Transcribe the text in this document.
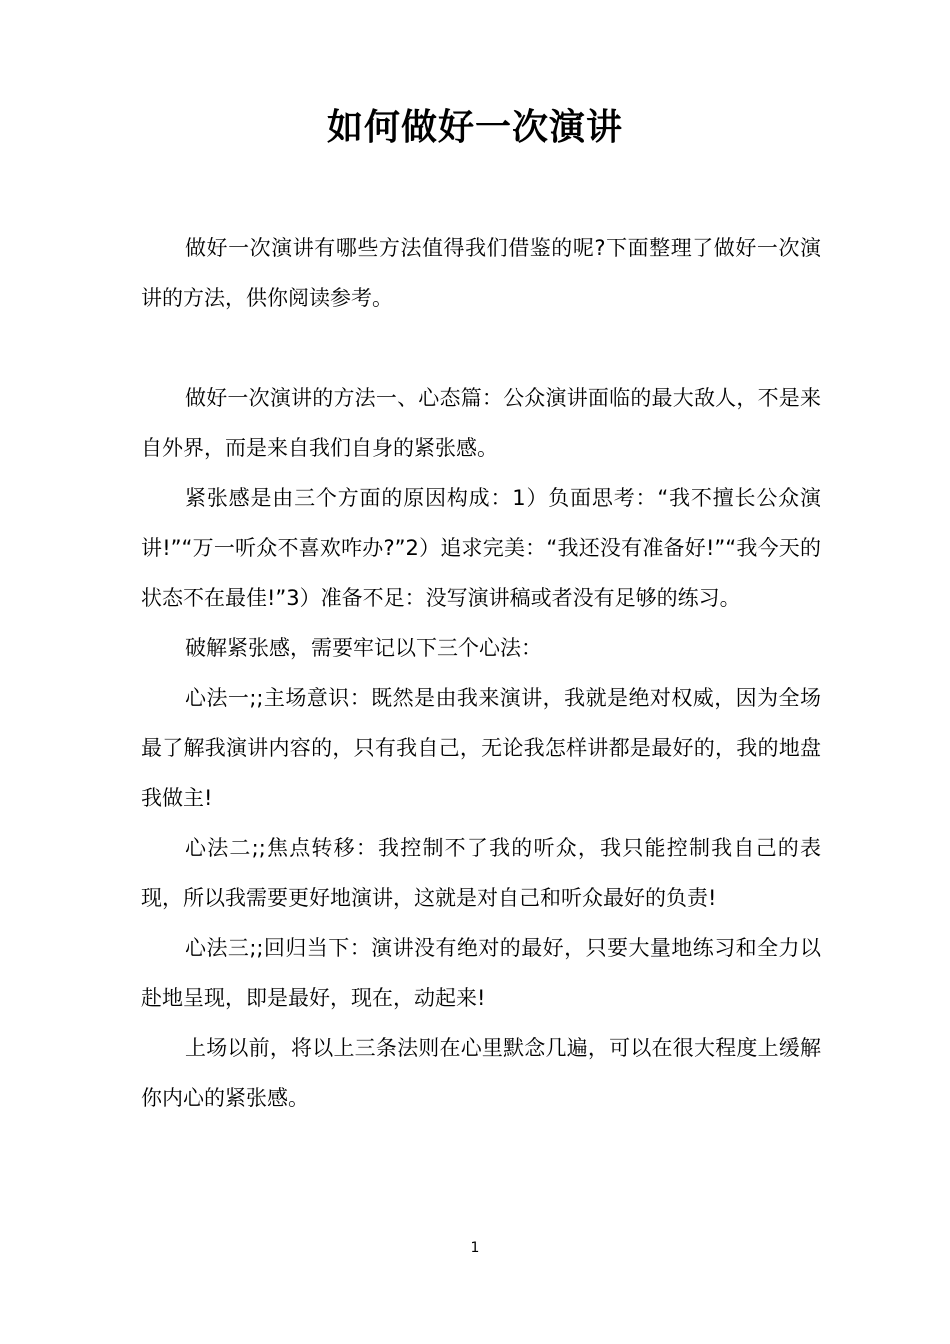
如何做好一次演讲

做好一次演讲有哪些方法值得我们借鉴的呢?下面整理了做好一次演讲的方法，供你阅读参考。

做好一次演讲的方法一、心态篇：公众演讲面临的最大敌人，不是来自外界，而是来自我们自身的紧张感。

紧张感是由三个方面的原因构成：1）负面思考：“我不擅长公众演讲!”“万一听众不喜欢咋办?”2）追求完美：“我还没有准备好!”“我今天的状态不在最佳!”3）准备不足：没写演讲稿或者没有足够的练习。

破解紧张感，需要牢记以下三个心法：

心法一;;主场意识：既然是由我来演讲，我就是绝对权威，因为全场最了解我演讲内容的，只有我自己，无论我怎样讲都是最好的，我的地盘我做主!

心法二;;焦点转移：我控制不了我的听众，我只能控制我自己的表现，所以我需要更好地演讲，这就是对自己和听众最好的负责!

心法三;;回归当下：演讲没有绝对的最好，只要大量地练习和全力以赴地呈现，即是最好，现在，动起来!

上场以前，将以上三条法则在心里默念几遍，可以在很大程度上缓解你内心的紧张感。

1
